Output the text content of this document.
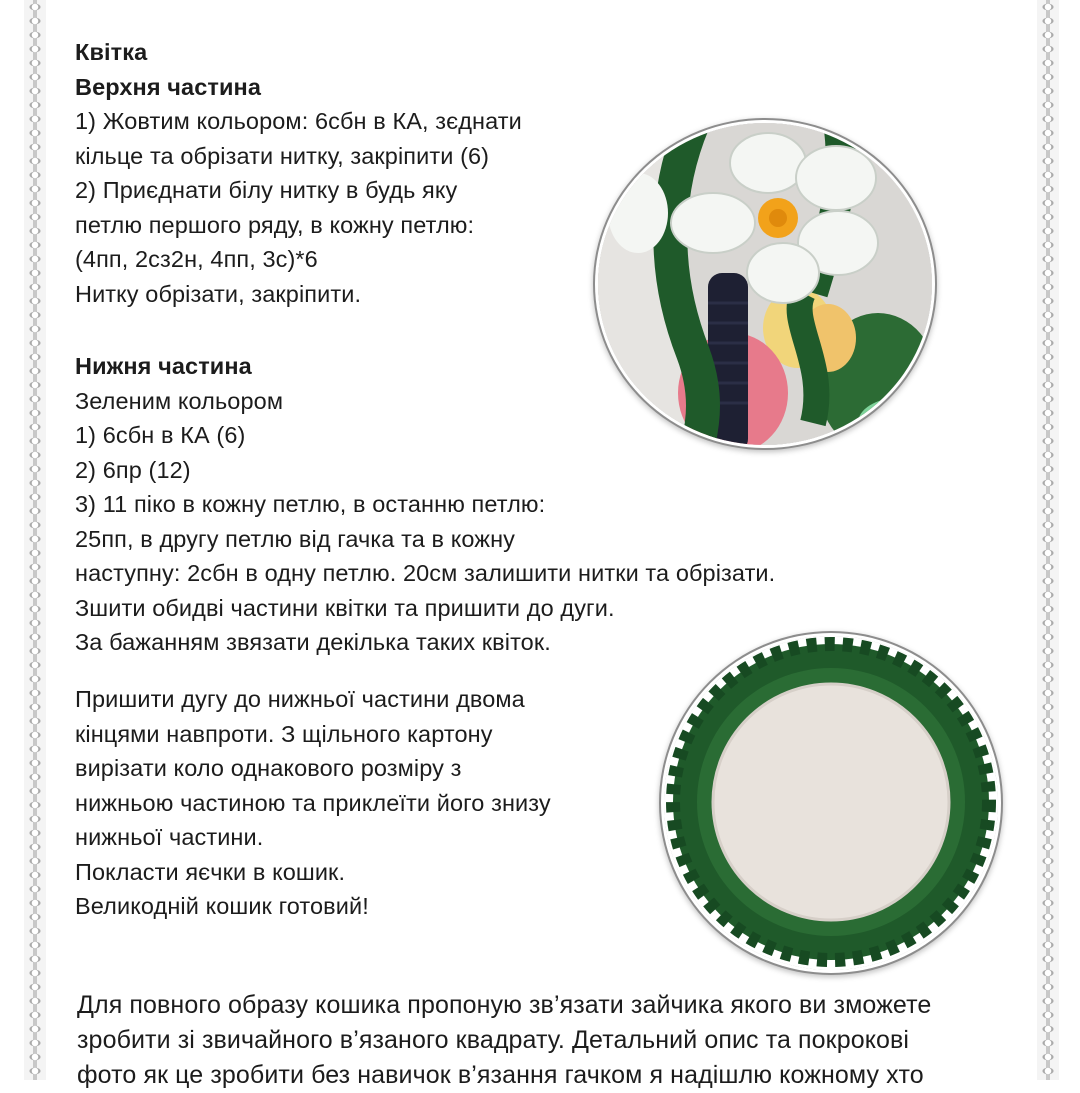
Квітка
Верхня частина
1) Жовтим кольором: 6сбн в КА, зєднати
кільце та обрізати нитку, закріпити (6)
2) Приєднати білу нитку в будь яку
петлю першого ряду, в кожну петлю:
(4пп, 2сз2н, 4пп, 3с)*6
Нитку обрізати, закріпити.
Нижня частина
Зеленим кольором
1) 6сбн в КА (6)
2) 6пр (12)
3) 11 піко в кожну петлю, в останню петлю:
25пп, в другу петлю від гачка та в кожну
наступну: 2сбн в одну петлю. 20см залишити нитки та обрізати.
Зшити обидві частини квітки та пришити до дуги.
За бажанням звязати декілька таких квіток.
Пришити дугу до нижньої частини двома
кінцями навпроти. З щільного картону
вирізати коло однакового розміру з
нижньою частиною та приклеїти його знизу
нижньої частини.
Покласти яєчки в кошик.
Великодній кошик готовий!
Для повного образу кошика пропоную зв’язати зайчика якого ви зможете
зробити зі звичайного в’язаного квадрату. Детальний опис та покрокові
фото як це зробити без навичок в’язання гачком я надішлю кожному хто
